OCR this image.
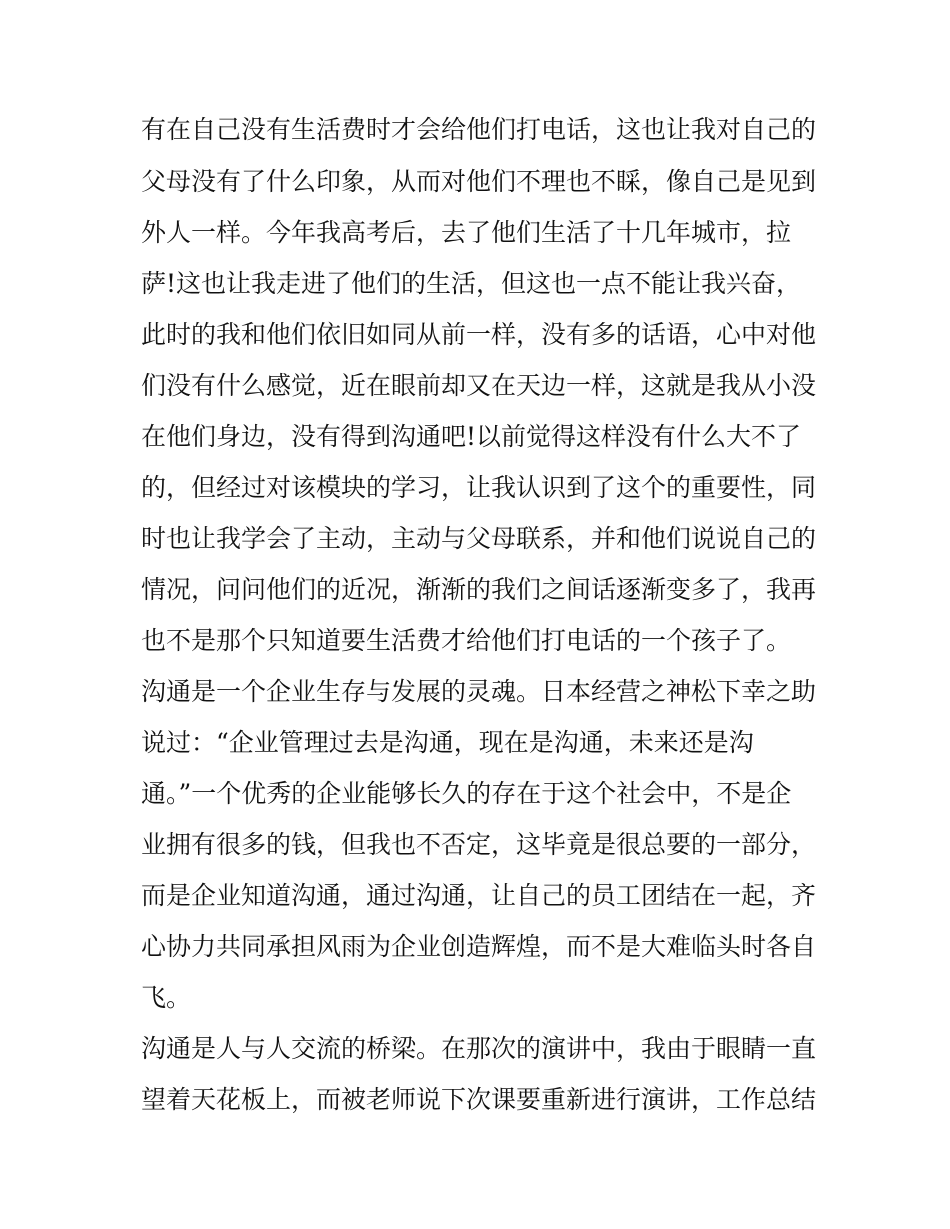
有在自己没有生活费时才会给他们打电话，这也让我对自己的

父母没有了什么印象，从而对他们不理也不睬，像自己是见到

外人一样。今年我高考后，去了他们生活了十几年城市，拉

萨!这也让我走进了他们的生活，但这也一点不能让我兴奋，

此时的我和他们依旧如同从前一样，没有多的话语，心中对他

们没有什么感觉，近在眼前却又在天边一样，这就是我从小没

在他们身边，没有得到沟通吧!以前觉得这样没有什么大不了

的，但经过对该模块的学习，让我认识到了这个的重要性，同

时也让我学会了主动，主动与父母联系，并和他们说说自己的

情况，问问他们的近况，渐渐的我们之间话逐渐变多了，我再

也不是那个只知道要生活费才给他们打电话的一个孩子了。

沟通是一个企业生存与发展的灵魂。日本经营之神松下幸之助

说过：“企业管理过去是沟通，现在是沟通，未来还是沟

通。”一个优秀的企业能够长久的存在于这个社会中，不是企

业拥有很多的钱，但我也不否定，这毕竟是很总要的一部分，

而是企业知道沟通，通过沟通，让自己的员工团结在一起，齐

心协力共同承担风雨为企业创造辉煌，而不是大难临头时各自

飞。

沟通是人与人交流的桥梁。在那次的演讲中，我由于眼睛一直

望着天花板上，而被老师说下次课要重新进行演讲，工作总结
